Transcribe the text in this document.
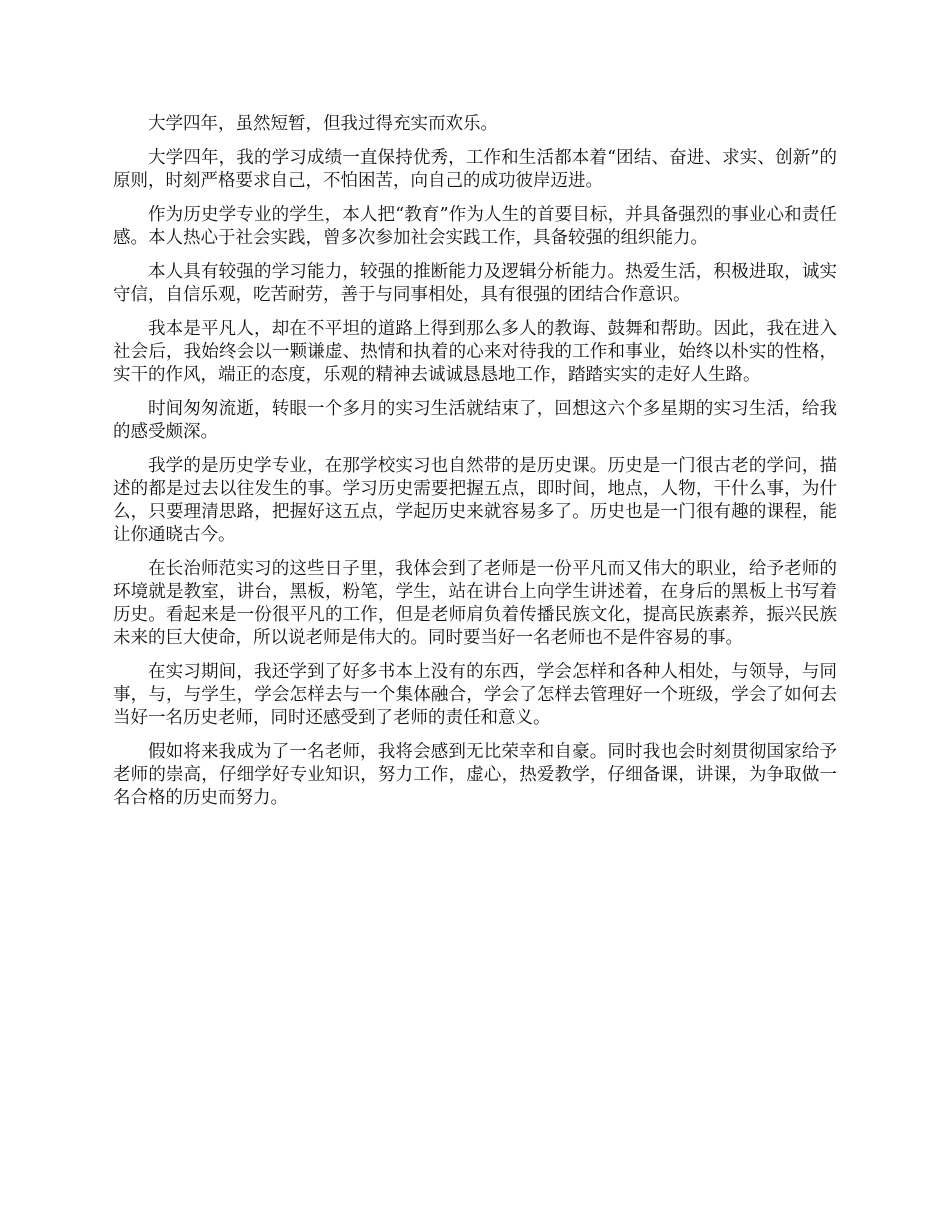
大学四年，虽然短暂，但我过得充实而欢乐。

大学四年，我的学习成绩一直保持优秀，工作和生活都本着“团结、奋进、求实、创新”的原则，时刻严格要求自己，不怕困苦，向自己的成功彼岸迈进。

作为历史学专业的学生，本人把“教育”作为人生的首要目标，并具备强烈的事业心和责任感。本人热心于社会实践，曾多次参加社会实践工作，具备较强的组织能力。

本人具有较强的学习能力，较强的推断能力及逻辑分析能力。热爱生活，积极进取，诚实守信，自信乐观，吃苦耐劳，善于与同事相处，具有很强的团结合作意识。

我本是平凡人，却在不平坦的道路上得到那么多人的教诲、鼓舞和帮助。因此，我在进入社会后，我始终会以一颗谦虚、热情和执着的心来对待我的工作和事业，始终以朴实的性格，实干的作风，端正的态度，乐观的精神去诚诚恳恳地工作，踏踏实实的走好人生路。

时间匆匆流逝，转眼一个多月的实习生活就结束了，回想这六个多星期的实习生活，给我的感受颇深。

我学的是历史学专业，在那学校实习也自然带的是历史课。历史是一门很古老的学问，描述的都是过去以往发生的事。学习历史需要把握五点，即时间，地点，人物，干什么事，为什么，只要理清思路，把握好这五点，学起历史来就容易多了。历史也是一门很有趣的课程，能让你通晓古今。

在长治师范实习的这些日子里，我体会到了老师是一份平凡而又伟大的职业，给予老师的环境就是教室，讲台，黑板，粉笔，学生，站在讲台上向学生讲述着，在身后的黑板上书写着历史。看起来是一份很平凡的工作，但是老师肩负着传播民族文化，提高民族素养，振兴民族未来的巨大使命，所以说老师是伟大的。同时要当好一名老师也不是件容易的事。

在实习期间，我还学到了好多书本上没有的东西，学会怎样和各种人相处，与领导，与同事，与，与学生，学会怎样去与一个集体融合，学会了怎样去管理好一个班级，学会了如何去当好一名历史老师，同时还感受到了老师的责任和意义。

假如将来我成为了一名老师，我将会感到无比荣幸和自豪。同时我也会时刻贯彻国家给予老师的崇高，仔细学好专业知识，努力工作，虚心，热爱教学，仔细备课，讲课，为争取做一名合格的历史而努力。
